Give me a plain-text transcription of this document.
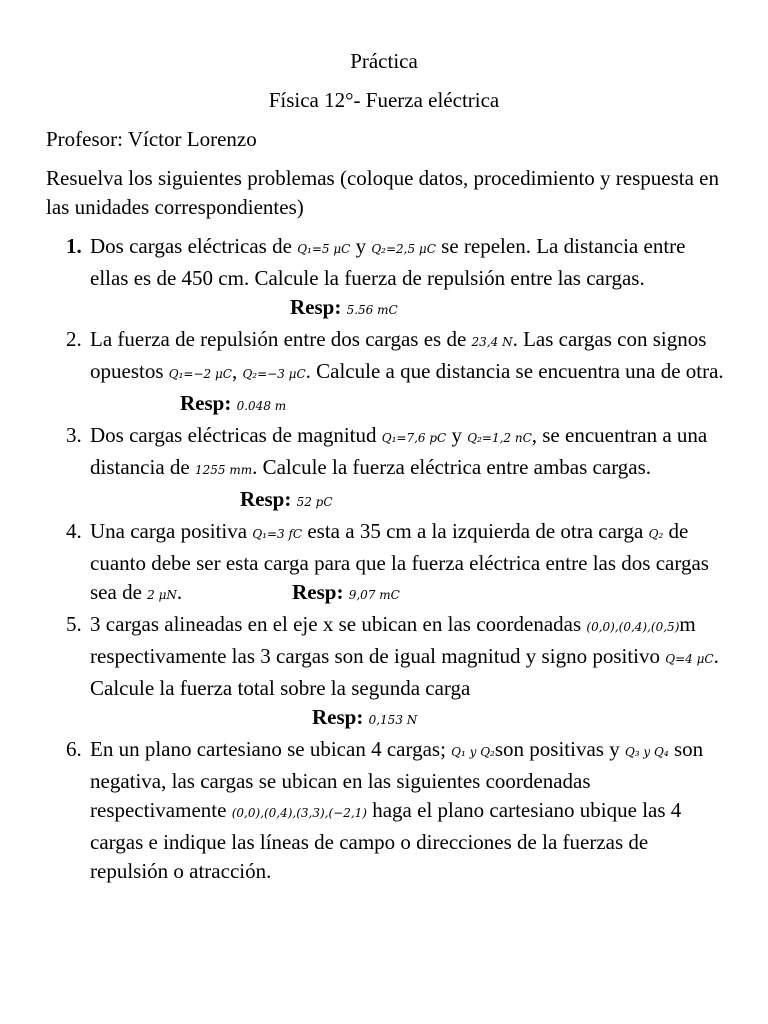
Práctica
Física 12°- Fuerza eléctrica
Profesor: Víctor Lorenzo
Resuelva los siguientes problemas (coloque datos, procedimiento y respuesta en las unidades correspondientes)
1. Dos cargas eléctricas de Q₁=5 μC y Q₂=2,5 μC se repelen. La distancia entre ellas es de 450 cm. Calcule la fuerza de repulsión entre las cargas.Resp: 5.56 mC
2. La fuerza de repulsión entre dos cargas es de 23,4 N. Las cargas con signos opuestos Q₁=−2 μC, Q₂=−3 μC. Calcule a que distancia se encuentra una de otra.Resp: 0.048 m
3. Dos cargas eléctricas de magnitud Q₁=7,6 pC y Q₂=1,2 nC, se encuentran a una distancia de 1255 mm. Calcule la fuerza eléctrica entre ambas cargas.Resp: 52 pC
4. Una carga positiva Q₁=3 fC esta a 35 cm a la izquierda de otra carga Q₂ de cuanto debe ser esta carga para que la fuerza eléctrica entre las dos cargas sea de 2 μN.	Resp: 9,07 mC
5. 3 cargas alineadas en el eje x se ubican en las coordenadas (0,0),(0,4),(0,5)m respectivamente las 3 cargas son de igual magnitud y signo positivo Q=4 μC. Calcule la fuerza total sobre la segunda carga
Resp: 0,153 N
6. En un plano cartesiano se ubican 4 cargas; Q₁ y Q₂son positivas y Q₃ y Q₄ son negativa, las cargas se ubican en las siguientes coordenadas respectivamente (0,0),(0,4),(3,3),(−2,1) haga el plano cartesiano ubique las 4 cargas e indique las líneas de campo o direcciones de la fuerzas de repulsión o atracción.
